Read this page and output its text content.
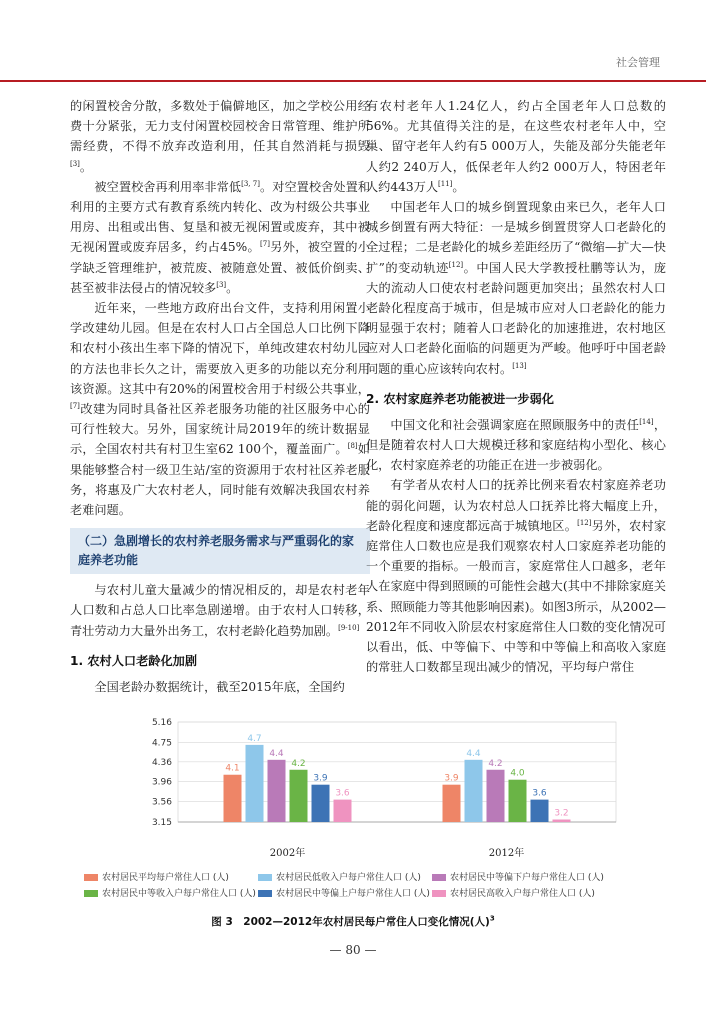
社会管理

的闲置校舍分散，多数处于偏僻地区，加之学校公用经费十分紧张，无力支付闲置校园校舍日常管理、维护所需经费，不得不放弃改造利用，任其自然消耗与损毁[3]。

被空置校舍再利用率非常低[3, 7]。对空置校舍处置和利用的主要方式有教育系统内转化、改为村级公共事业用房、出租或出售、复垦和被无视闲置或废弃，其中被无视闲置或废弃居多，约占45%。[7]另外，被空置的小学缺乏管理维护，被荒废、被随意处置、被低价倒卖、甚至被非法侵占的情况较多[3]。

近年来，一些地方政府出台文件，支持利用闲置小学改建幼儿园。但是在农村人口占全国总人口比例下降和农村小孩出生率下降的情况下，单纯改建农村幼儿园的方法也非长久之计，需要放入更多的功能以充分利用该资源。这其中有20%的闲置校舍用于村级公共事业，[7]改建为同时具备社区养老服务功能的社区服务中心的可行性较大。另外，国家统计局2019年的统计数据显示，全国农村共有村卫生室62 100个，覆盖面广。[8]如果能够整合村一级卫生站/室的资源用于农村社区养老服务，将惠及广大农村老人，同时能有效解决我国农村养老难问题。

（二）急剧增长的农村养老服务需求与严重弱化的家庭养老功能

与农村儿童大量减少的情况相反的，却是农村老年人口数和占总人口比率急剧递增。由于农村人口转移，青壮劳动力大量外出务工，农村老龄化趋势加剧。[9-10]

1. 农村人口老龄化加剧

全国老龄办数据统计，截至2015年底，全国约

有农村老年人1.24亿人，约占全国老年人口总数的56%。尤其值得关注的是，在这些农村老年人中，空巢、留守老年人约有5 000万人，失能及部分失能老年人约2 240万人，低保老年人约2 000万人，特困老年人约443万人[11]。

中国老年人口的城乡倒置现象由来已久，老年人口城乡倒置有两大特征：一是城乡倒置贯穿人口老龄化的全过程；二是老龄化的城乡差距经历了“微缩—扩大—快扩”的变动轨迹[12]。中国人民大学教授杜鹏等认为，庞大的流动人口使农村老龄问题更加突出；虽然农村人口老龄化程度高于城市，但是城市应对人口老龄化的能力明显强于农村；随着人口老龄化的加速推进，农村地区应对人口老龄化面临的问题更为严峻。他呼吁中国老龄问题的重心应该转向农村。[13]

2. 农村家庭养老功能被进一步弱化

中国文化和社会强调家庭在照顾服务中的责任[14]，但是随着农村人口大规模迁移和家庭结构小型化、核心化，农村家庭养老的功能正在进一步被弱化。

有学者从农村人口的抚养比例来看农村家庭养老功能的弱化问题，认为农村总人口抚养比将大幅度上升，老龄化程度和速度都远高于城镇地区。[12]另外，农村家庭常住人口数也应是我们观察农村人口家庭养老功能的一个重要的指标。一般而言，家庭常住人口越多，老年人在家庭中得到照顾的可能性会越大(其中不排除家庭关系、照顾能力等其他影响因素)。如图3所示，从2002—2012年不同收入阶层农村家庭常住人口数的变化情况可以看出，低、中等偏下、中等和中等偏上和高收入家庭的常驻人口数都呈现出减少的情况，平均每户常住

3.15
3.56
3.96
4.36
4.75
5.16
4.1
4.7
4.4
4.2
3.9
3.6
2002年
3.9
4.4
4.2
4.0
3.6
3.2
2012年
农村居民平均每户常住人口 (人)	农村居民低收入户每户常住人口 (人)	农村居民中等偏下户每户常住人口 (人)农村居民中等收入户每户常住人口 (人) 农村居民中等偏上户每户常住人口 (人) 农村居民高收入户每户常住人口 (人)
图 3　2002—2012年农村居民每户常住人口变化情况(人)$^3$
— 80 —
